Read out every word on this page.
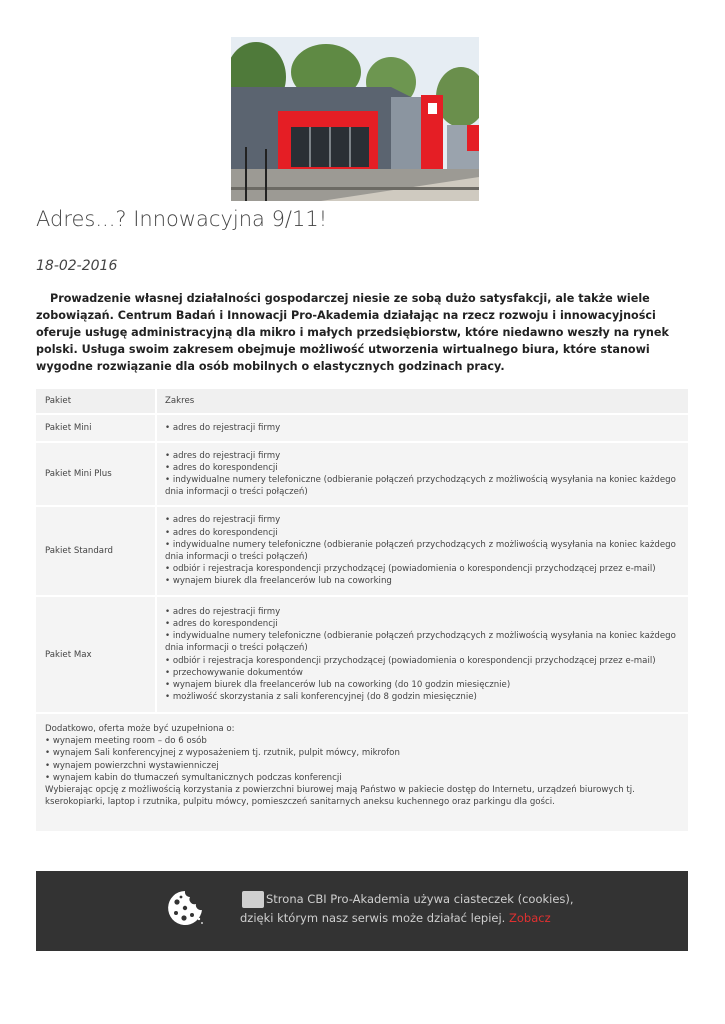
Adres...? Innowacyjna 9/11!
18-02-2016

Prowadzenie własnej działalności gospodarczej niesie ze sobą dużo satysfakcji, ale także wiele zobowiązań. Centrum Badań i Innowacji Pro-Akademia działając na rzecz rozwoju i innowacyjności oferuje usługę administracyjną dla mikro i małych przedsiębiorstw, które niedawno weszły na rynek polski. Usługa swoim zakresem obejmuje możliwość utworzenia wirtualnego biura, które stanowi wygodne rozwiązanie dla osób mobilnych o elastycznych godzinach pracy.

Pakiet	Zakres
Pakiet Mini
•	adres do rejestracji firmy
Pakiet Mini Plus
• adres do rejestracji firmy
• adres do korespondencji
• indywidualne numery telefoniczne (odbieranie połączeń przychodzących z możliwością wysyłania na koniec każdego dnia informacji o treści połączeń)
Pakiet Standard
• adres do rejestracji firmy
• adres do korespondencji
• indywidualne numery telefoniczne (odbieranie połączeń przychodzących z możliwością wysyłania na koniec każdego dnia informacji o treści połączeń)
• odbiór i rejestracja korespondencji przychodzącej (powiadomienia o korespondencji przychodzącej przez e-mail)
• wynajem biurek dla freelancerów lub na coworking
Pakiet Max
• adres do rejestracji firmy
• adres do korespondencji
• indywidualne numery telefoniczne (odbieranie połączeń przychodzących z możliwością wysyłania na koniec każdego dnia informacji o treści połączeń)
• odbiór i rejestracja korespondencji przychodzącej (powiadomienia o korespondencji przychodzącej przez e-mail)
• przechowywanie dokumentów
• wynajem biurek dla freelancerów lub na coworking (do 10 godzin miesięcznie)
• możliwość skorzystania z sali konferencyjnej (do 8 godzin miesięcznie)
Dodatkowo, oferta może być uzupełniona o:
• wynajem meeting room – do 6 osób
• wynajem Sali konferencyjnej z wyposażeniem tj. rzutnik, pulpit mówcy, mikrofon
• wynajem powierzchni wystawienniczej
• wynajem kabin do tłumaczeń symultanicznych podczas konferencji
Wybierając opcję z możliwością korzystania z powierzchni biurowej mają Państwo w pakiecie dostęp do Internetu, urządzeń biurowych tj. kserokopiarki, laptop i rzutnika, pulpitu mówcy, pomieszczeń sanitarnych aneksu kuchennego oraz parkingu dla gości.
Strona CBI Pro-Akademia używa ciasteczek (cookies),
dzięki którym nasz serwis może działać lepiej. Zobacz
